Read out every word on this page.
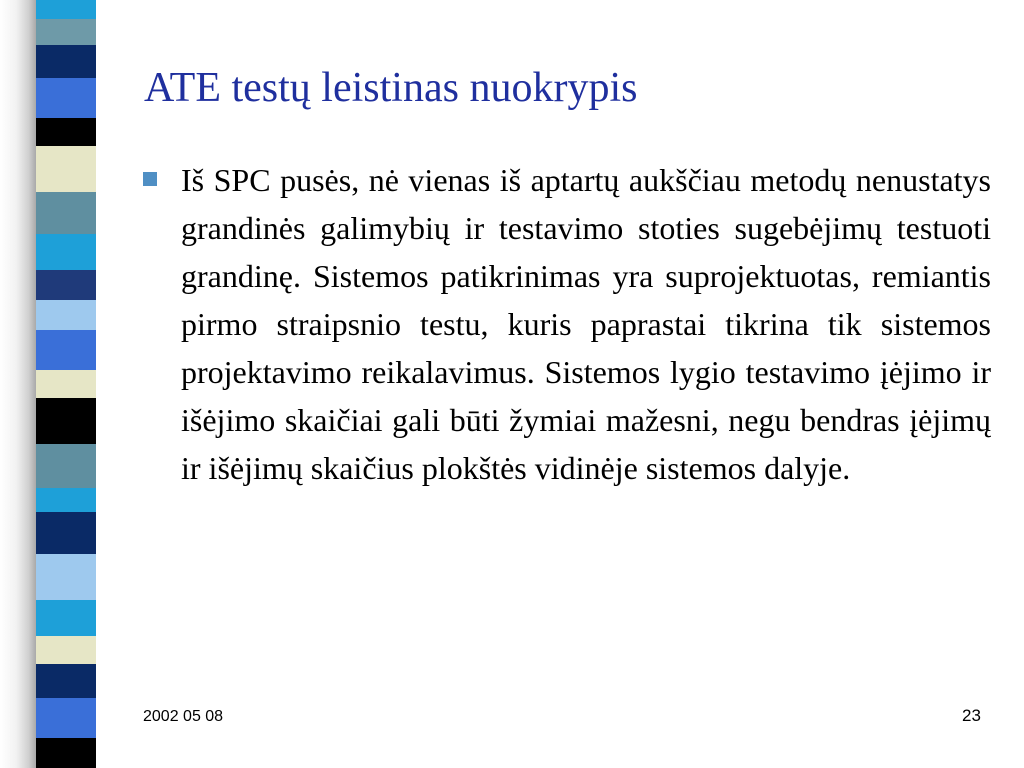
ATE testų leistinas nuokrypis

Iš SPC pusės, nė vienas iš aptartų aukščiau metodų nenustatys grandinės galimybių ir testavimo stoties sugebėjimų testuoti grandinę. Sistemos patikrinimas yra suprojektuotas, remiantis pirmo straipsnio testu, kuris paprastai tikrina tik sistemos projektavimo reikalavimus. Sistemos lygio testavimo įėjimo ir išėjimo skaičiai gali būti žymiai mažesni, negu bendras įėjimų ir išėjimų skaičius plokštės vidinėje sistemos dalyje.

2002 05 08	23
